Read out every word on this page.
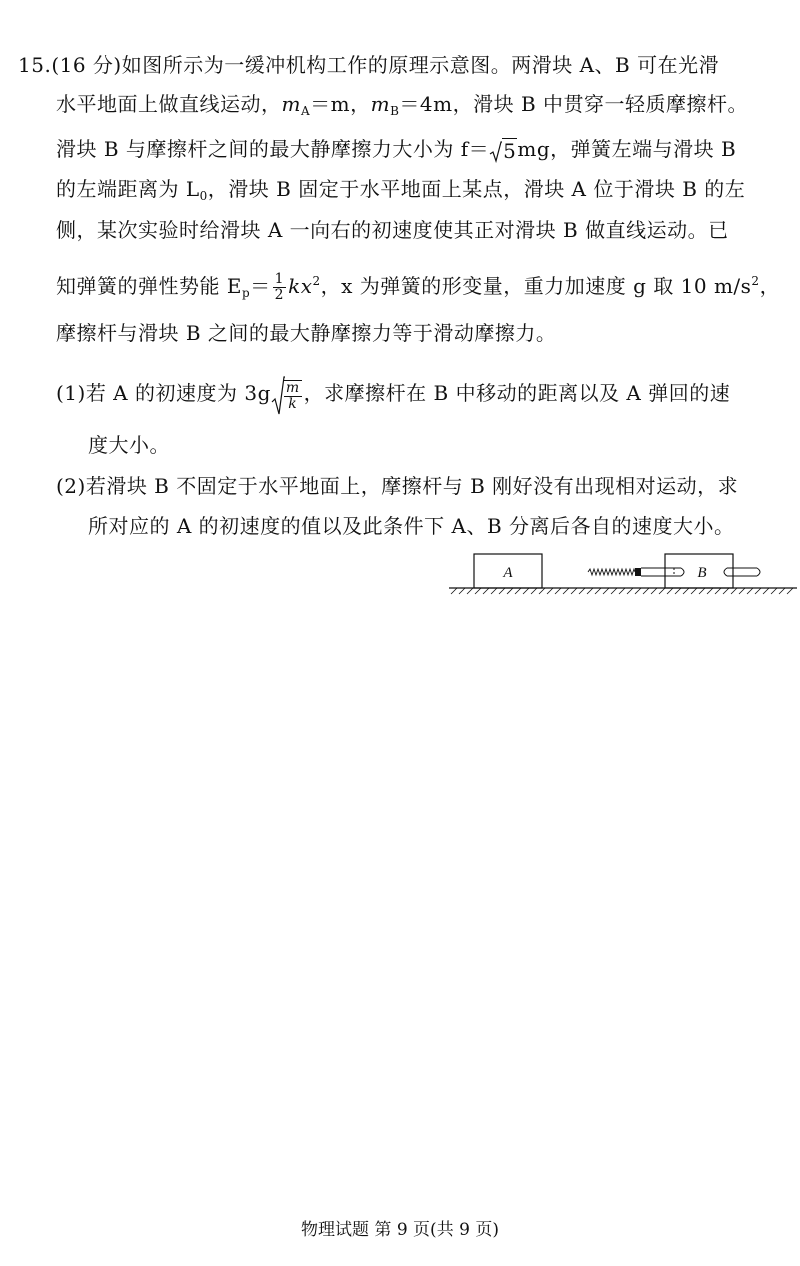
15.(16 分)如图所示为一缓冲机构工作的原理示意图。两滑块 A、B 可在光滑
水平地面上做直线运动，$m_A=m$，$m_B=4m$，滑块 B 中贯穿一轻质摩擦杆。
滑块 B 与摩擦杆之间的最大静摩擦力大小为 f＝ 5mg，弹簧左端与滑块 B
的左端距离为 $L_0$，滑块 B 固定于水平地面上某点，滑块 A 位于滑块 B 的左
侧，某次实验时给滑块 A 一向右的初速度使其正对滑块 B 做直线运动。已
知弹簧的弹性势能 $E_p= \frac{1}{2} kx^2$，x 为弹簧的形变量，重力加速度 g 取 10 $m/s^2$，
摩擦杆与滑块 B 之间的最大静摩擦力等于滑动摩擦力。
(1)若 A 的初速度为 $3g \frac{m}{k}$ ，求摩擦杆在 B 中移动的距离以及 A 弹回的速
度大小。
(2)若滑块 B 不固定于水平地面上，摩擦杆与 B 刚好没有出现相对运动，求
所对应的 A 的初速度的值以及此条件下 A、B 分离后各自的速度大小。
A	B
物理试题 第 9 页(共 9 页)
